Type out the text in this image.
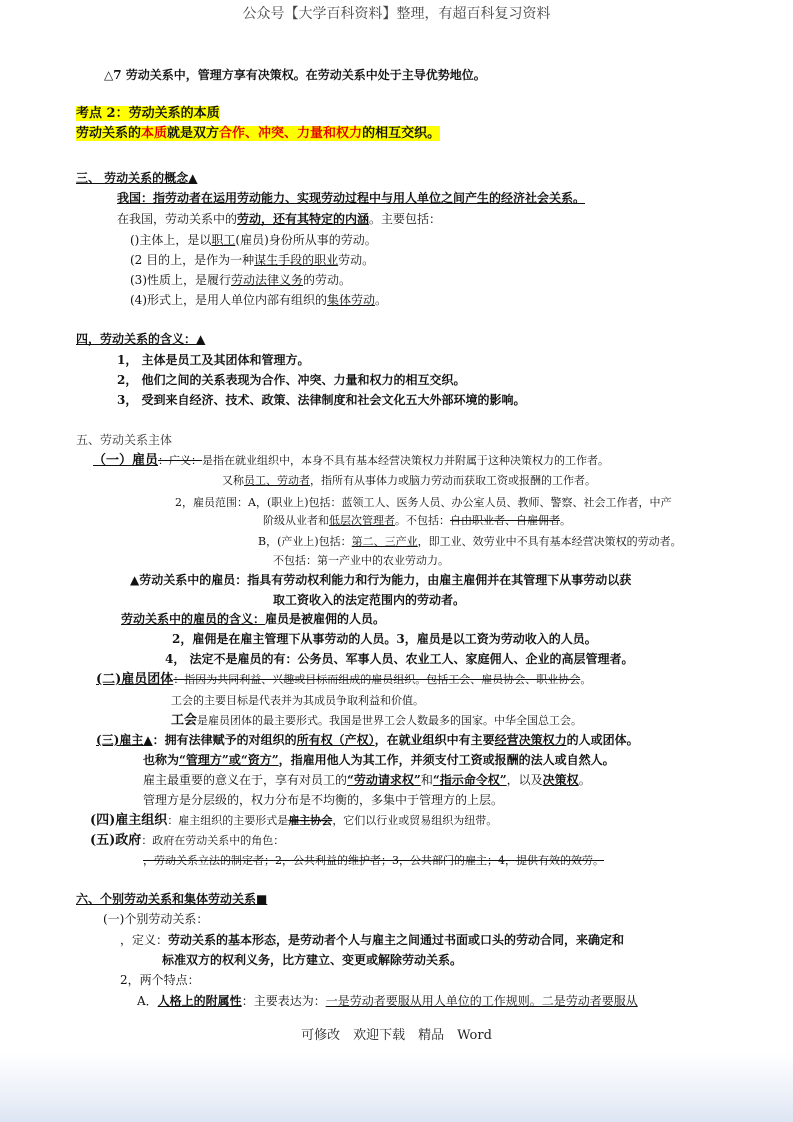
公众号【大学百科资料】整理，有超百科复习资料
△7 劳动关系中，管理方享有决策权。在劳动关系中处于主导优势地位。
考点 2：劳动关系的本质
劳动关系的本质就是双方合作、冲突、力量和权力的相互交织。
三、 劳动关系的概念▲
我国：指劳动者在运用劳动能力、实现劳动过程中与用人单位之间产生的经济社会关系。
在我国，劳动关系中的劳动，还有其特定的内涵。主要包括：
()主体上，是以职工(雇员)身份所从事的劳动。
(2 目的上，是作为一种谋生手段的职业劳动。
(3)性质上，是履行劳动法律义务的劳动。
(4)形式上，是用人单位内部有组织的集体劳动。
四，劳动关系的含义：▲
1， 主体是员工及其团体和管理方。
2， 他们之间的关系表现为合作、冲突、力量和权力的相互交织。
3， 受到来自经济、技术、政策、法律制度和社会文化五大外部环境的影响。
五、劳动关系主体
（一）雇员：广义：是指在就业组织中，本身不具有基本经营决策权力并附属于这种决策权力的工作者。
又称员工、劳动者，指所有从事体力或脑力劳动而获取工资或报酬的工作者。
2，雇员范围：A，(职业上)包括：蓝领工人、医务人员、办公室人员、教师、警察、社会工作者，中产
阶级从业者和低层次管理者。不包括：自由职业者、自雇佣者。
B，(产业上)包括：第二、三产业，即工业、效劳业中不具有基本经营决策权的劳动者。
不包括：第一产业中的农业劳动力。
▲劳动关系中的雇员：指具有劳动权利能力和行为能力，由雇主雇佣并在其管理下从事劳动以获
取工资收入的法定范围内的劳动者。
劳动关系中的雇员的含义：雇员是被雇佣的人员。
2，雇佣是在雇主管理下从事劳动的人员。3，雇员是以工资为劳动收入的人员。
4， 法定不是雇员的有：公务员、军事人员、农业工人、家庭佣人、企业的高层管理者。
(二)雇员团体：指因为共同利益、兴趣或目标而组成的雇员组织。包括工会、雇员协会、职业协会。
工会的主要目标是代表并为其成员争取利益和价值。
工会是雇员团体的最主要形式。我国是世界工会人数最多的国家。中华全国总工会。
(三)雇主▲：拥有法律赋予的对组织的所有权（产权），在就业组织中有主要经营决策权力的人或团体。
也称为“管理方”或“资方”，指雇用他人为其工作，并须支付工资或报酬的法人或自然人。
雇主最重要的意义在于，享有对员工的“劳动请求权”和“指示命令权”，以及决策权。
管理方是分层级的，权力分布是不均衡的，多集中于管理方的上层。
(四)雇主组织：雇主组织的主要形式是雇主协会，它们以行业或贸易组织为纽带。
(五)政府：政府在劳动关系中的角色：
，劳动关系立法的制定者；2，公共利益的维护者；3，公共部门的雇主；4，提供有效的效劳。
六、个别劳动关系和集体劳动关系■
(一)个别劳动关系：
，定义：劳动关系的基本形态，是劳动者个人与雇主之间通过书面或口头的劳动合同，来确定和
标准双方的权利义务，比方建立、变更或解除劳动关系。
2，两个特点：
A．人格上的附属性：主要表达为：一是劳动者要服从用人单位的工作规则。二是劳动者要服从
可修改　欢迎下载　精品　Word
